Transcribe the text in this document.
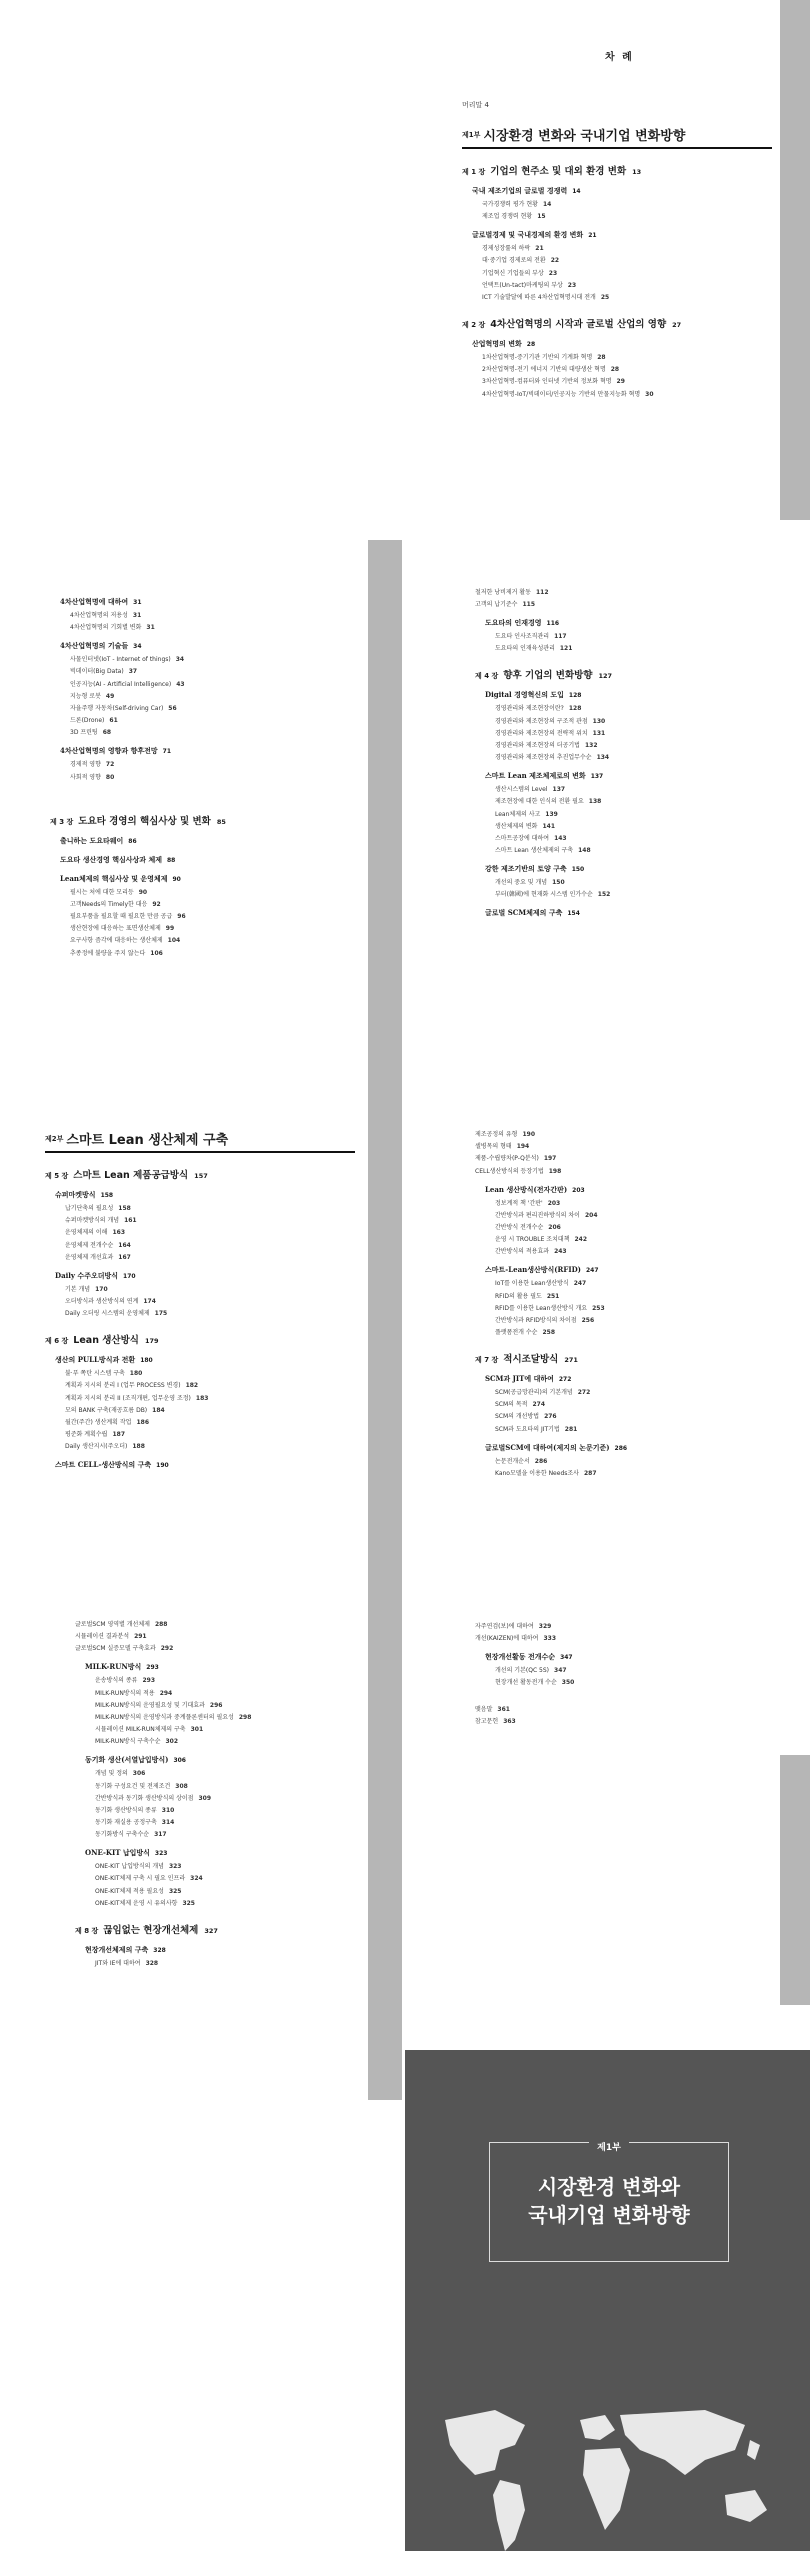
차 례
머리말 4
제1부 시장환경 변화와 국내기업 변화방향
제 1 장 기업의 현주소 및 대외 환경 변화 13
국내 제조기업의 글로벌 경쟁력 14
국가경쟁력 평가 현황 14
제조업 경쟁력 현황 15
글로벌경제 및 국내경제의 환경 변화 21
경제성장률의 하락 21
대‧중기업 경제로의 전환 22
기업혁신 기업들의 부상 23
언택트(Un-tact)마케팅의 부상 23
ICT 기술발달에 따른 4차산업혁명시대 전개 25
제 2 장 4차산업혁명의 시작과 글로벌 산업의 영향 27
산업혁명의 변화 28
1차산업혁명-증기기관 기반의 기계화 혁명 28
2차산업혁명-전기 에너지 기반의 대량생산 혁명 28
3차산업혁명-컴퓨터와 인터넷 기반의 정보화 혁명 29
4차산업혁명-IoT/빅데이터/인공지능 기반의 만물지능화 혁명 30
4차산업혁명에 대하여 31
4차산업혁명의 저용성 31
4차산업혁명의 기회별 변화 31
4차산업혁명의 기술들 34
사물인터넷(IoT - Internet of things) 34
빅데이터(Big Data) 37
인공지능(AI - Artificial Intelligence) 43
지능형 로봇 49
자율주행 자동차(Self-driving Car) 56
드론(Drone) 61
3D 프린팅 68
4차산업혁명의 영향과 향후전망 71
경제적 영향 72
사회적 영향 80
제 3 장 도요타 경영의 핵심사상 및 변화 85
출니하는 도요타웨이 86
도요타 생산경영 핵심사상과 체제 88
Lean체제의 핵심사상 및 운영체제 90
필시는 처에 대한 모리등 90
고객Needs의 Timely한 대응 92
필요부품을 필요할 때 필요한 만큼 공급 96
생산현장에 대응하는 표면생산체제 99
요구사항 즘각에 대응하는 생산체제 104
추종정에 불량을 주지 않는다 106
철저한 낭비제거 활동 112
고객의 납기준수 115
도요타의 인재경영 116
도요타 인사조직관리 117
도요타의 인재육성관리 121
제 4 장 향후 기업의 변화방향 127
Digital 경영혁신의 도입 128
경영관리와 제조현장이란? 128
경영관리와 제조현장의 구조적 관점 130
경영관리와 제조현장의 전략적 위치 131
경영관리와 제조현장의 더공기법 132
경영관리와 제조현장의 추진업무수순 134
스마트 Lean 제조체제로의 변화 137
생산시스템의 Level 137
제조현장에 대한 인식의 전환 필요 138
Lean체제의 사고 139
생산체제의 변화 141
스마트공장에 대하여 143
스마트 Lean 생산체제의 구축 148
강한 제조기반의 토양 구축 150
개선의 중요 및 개념 150
부터(韓國)에 현재화 시스템 인가수순 152
글로벌 SCM체제의 구축 154
제2부 스마트 Lean 생산체제 구축
제 5 장 스마트 Lean 제품공급방식 157
슈퍼마켓방식 158
납기단축의 필요성 158
슈퍼마켓방식의 개념 161
운영체제의 이해 163
운영체제 전개수순 164
운영체제 개선효과 167
Daily 수주오더방식 170
기본 개념 170
오더방식과 생산방식의 연계 174
Daily 오더링 시스템의 운영체제 175
제 6 장 Lean 생산방식 179
생산의 PULL방식과 전환 180
불‧푸 쪽탄 시스템 구축 180
계획과 지시의 분리 I (업무 PROCESS 변경) 182
계획과 지시의 분리 II (조직개편, 업무운영 조정) 183
모의 BANK 구축(재공흐름 DB) 184
월간(주간) 생산계획 작업 186
평준화 계획수립 187
Daily 생산지시(주오더) 188
스마트 CELL-생산방식의 구축 190
제조공정의 유형 190
셀병목의 형태 194
제품-수립량차(P-Q분석) 197
CELL생산방식의 등장기법 198
Lean 생산방식(전자간판) 203
정보계적 책 '간판' 203
간반방식과 편리진하방식의 차이 204
간반방식 전개수순 206
운영 시 TROUBLE 조치대책 242
간반방식의 적용효과 243
스마트-Lean생산방식(RFID) 247
IoT를 이용한 Lean생산방식 247
RFID의 활용 필도 251
RFID를 이용한 Lean생산방식 개요 253
간반방식과 RFID방식의 차이점 256
플랫폼전개 수순 258
제 7 장 적시조달방식 271
SCM과 JIT에 대하여 272
SCM(공급망관리)의 기본개념 272
SCM의 목적 274
SCM의 개선방법 276
SCM과 도요타의 JIT기법 281
글로벌SCM에 대하여(제지의 논문기준) 286
논문전개순서 286
Kano모델을 이용한 Needs조사 287
글로벌SCM 영역별 개선체제 288
시뮬레이션 결과분석 291
글로벌SCM 실증모델 구축효과 292
MILK-RUN방식 293
운송방식의 종류 293
MILK-RUN방식의 적용 294
MILK-RUN방식의 운영필요성 및 기대효과 296
MILK-RUN방식의 운영방식과 중계플론센터의 필요성 298
시뮬레이션 MILK-RUN체제의 구축 301
MILK-RUN방식 구축수순 302
동기화 생산(서열납입방식) 306
개념 및 정의 306
동기화 구성요건 및 전제조건 308
간반방식과 동기화 생산방식의 상이점 309
동기화 생산방식의 종류 310
동기화 재실용 공정구축 314
동기화방식 구축수순 317
ONE-KIT 납입방식 323
ONE-KIT 납입방식의 개념 323
ONE-KIT체제 구축 시 필요 인프라 324
ONE-KIT체제 적용 필요성 325
ONE-KIT체제 운영 시 유의사항 325
제 8 장 끊임없는 현장개선체제 327
현장개선체제의 구축 328
JIT와 IE에 대하여 328
자주연검(보)에 대하여 329
개선(KAIZEN)에 대하여 333
현장개선활동 전개수순 347
개선의 기본(QC 5S) 347
현장개선 활동전개 수순 350
맺음말 361
참고문헌 363
제1부
시장환경 변화와
국내기업 변화방향
